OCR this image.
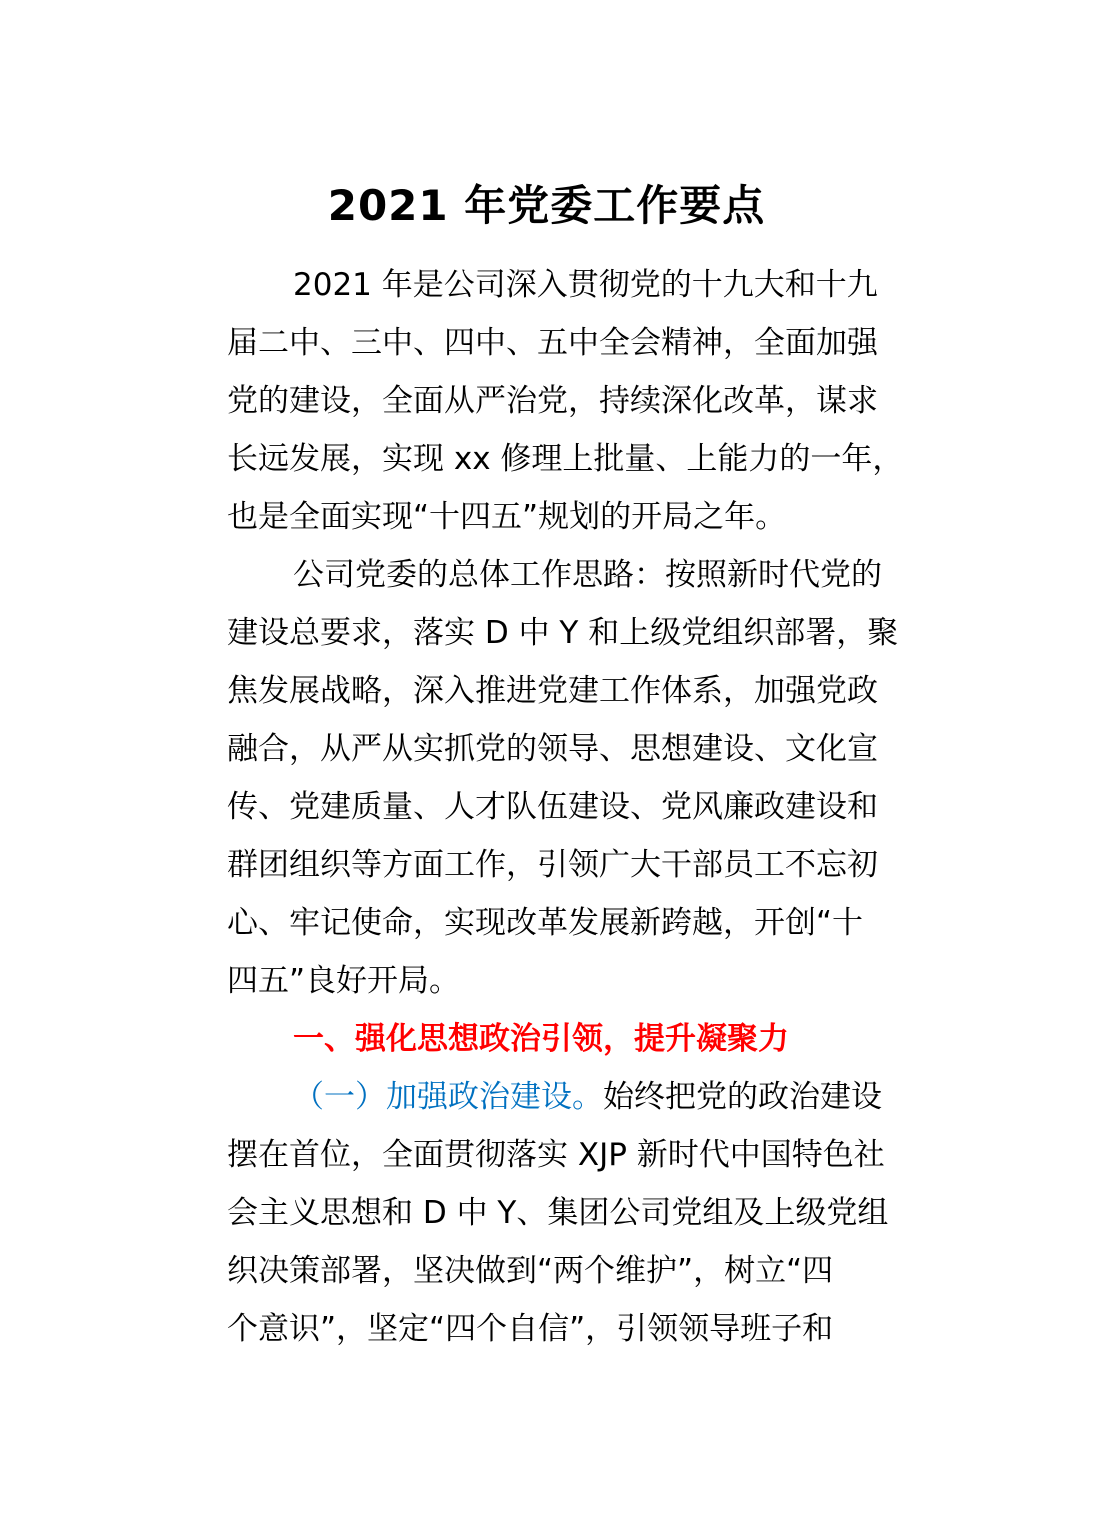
2021 年党委工作要点
2021 年是公司深入贯彻党的十九大和十九
届二中、三中、四中、五中全会精神，全面加强
党的建设，全面从严治党，持续深化改革，谋求
长远发展，实现 xx 修理上批量、上能力的一年，
也是全面实现“十四五”规划的开局之年。
公司党委的总体工作思路：按照新时代党的
建设总要求，落实 D 中 Y 和上级党组织部署，聚
焦发展战略，深入推进党建工作体系，加强党政
融合，从严从实抓党的领导、思想建设、文化宣
传、党建质量、人才队伍建设、党风廉政建设和
群团组织等方面工作，引领广大干部员工不忘初
心、牢记使命，实现改革发展新跨越，开创“十
四五”良好开局。
一、强化思想政治引领，提升凝聚力
（一）加强政治建设。始终把党的政治建设
摆在首位，全面贯彻落实 XJP 新时代中国特色社
会主义思想和 D 中 Y、集团公司党组及上级党组
织决策部署，坚决做到“两个维护”，树立“四
个意识”，坚定“四个自信”，引领领导班子和
